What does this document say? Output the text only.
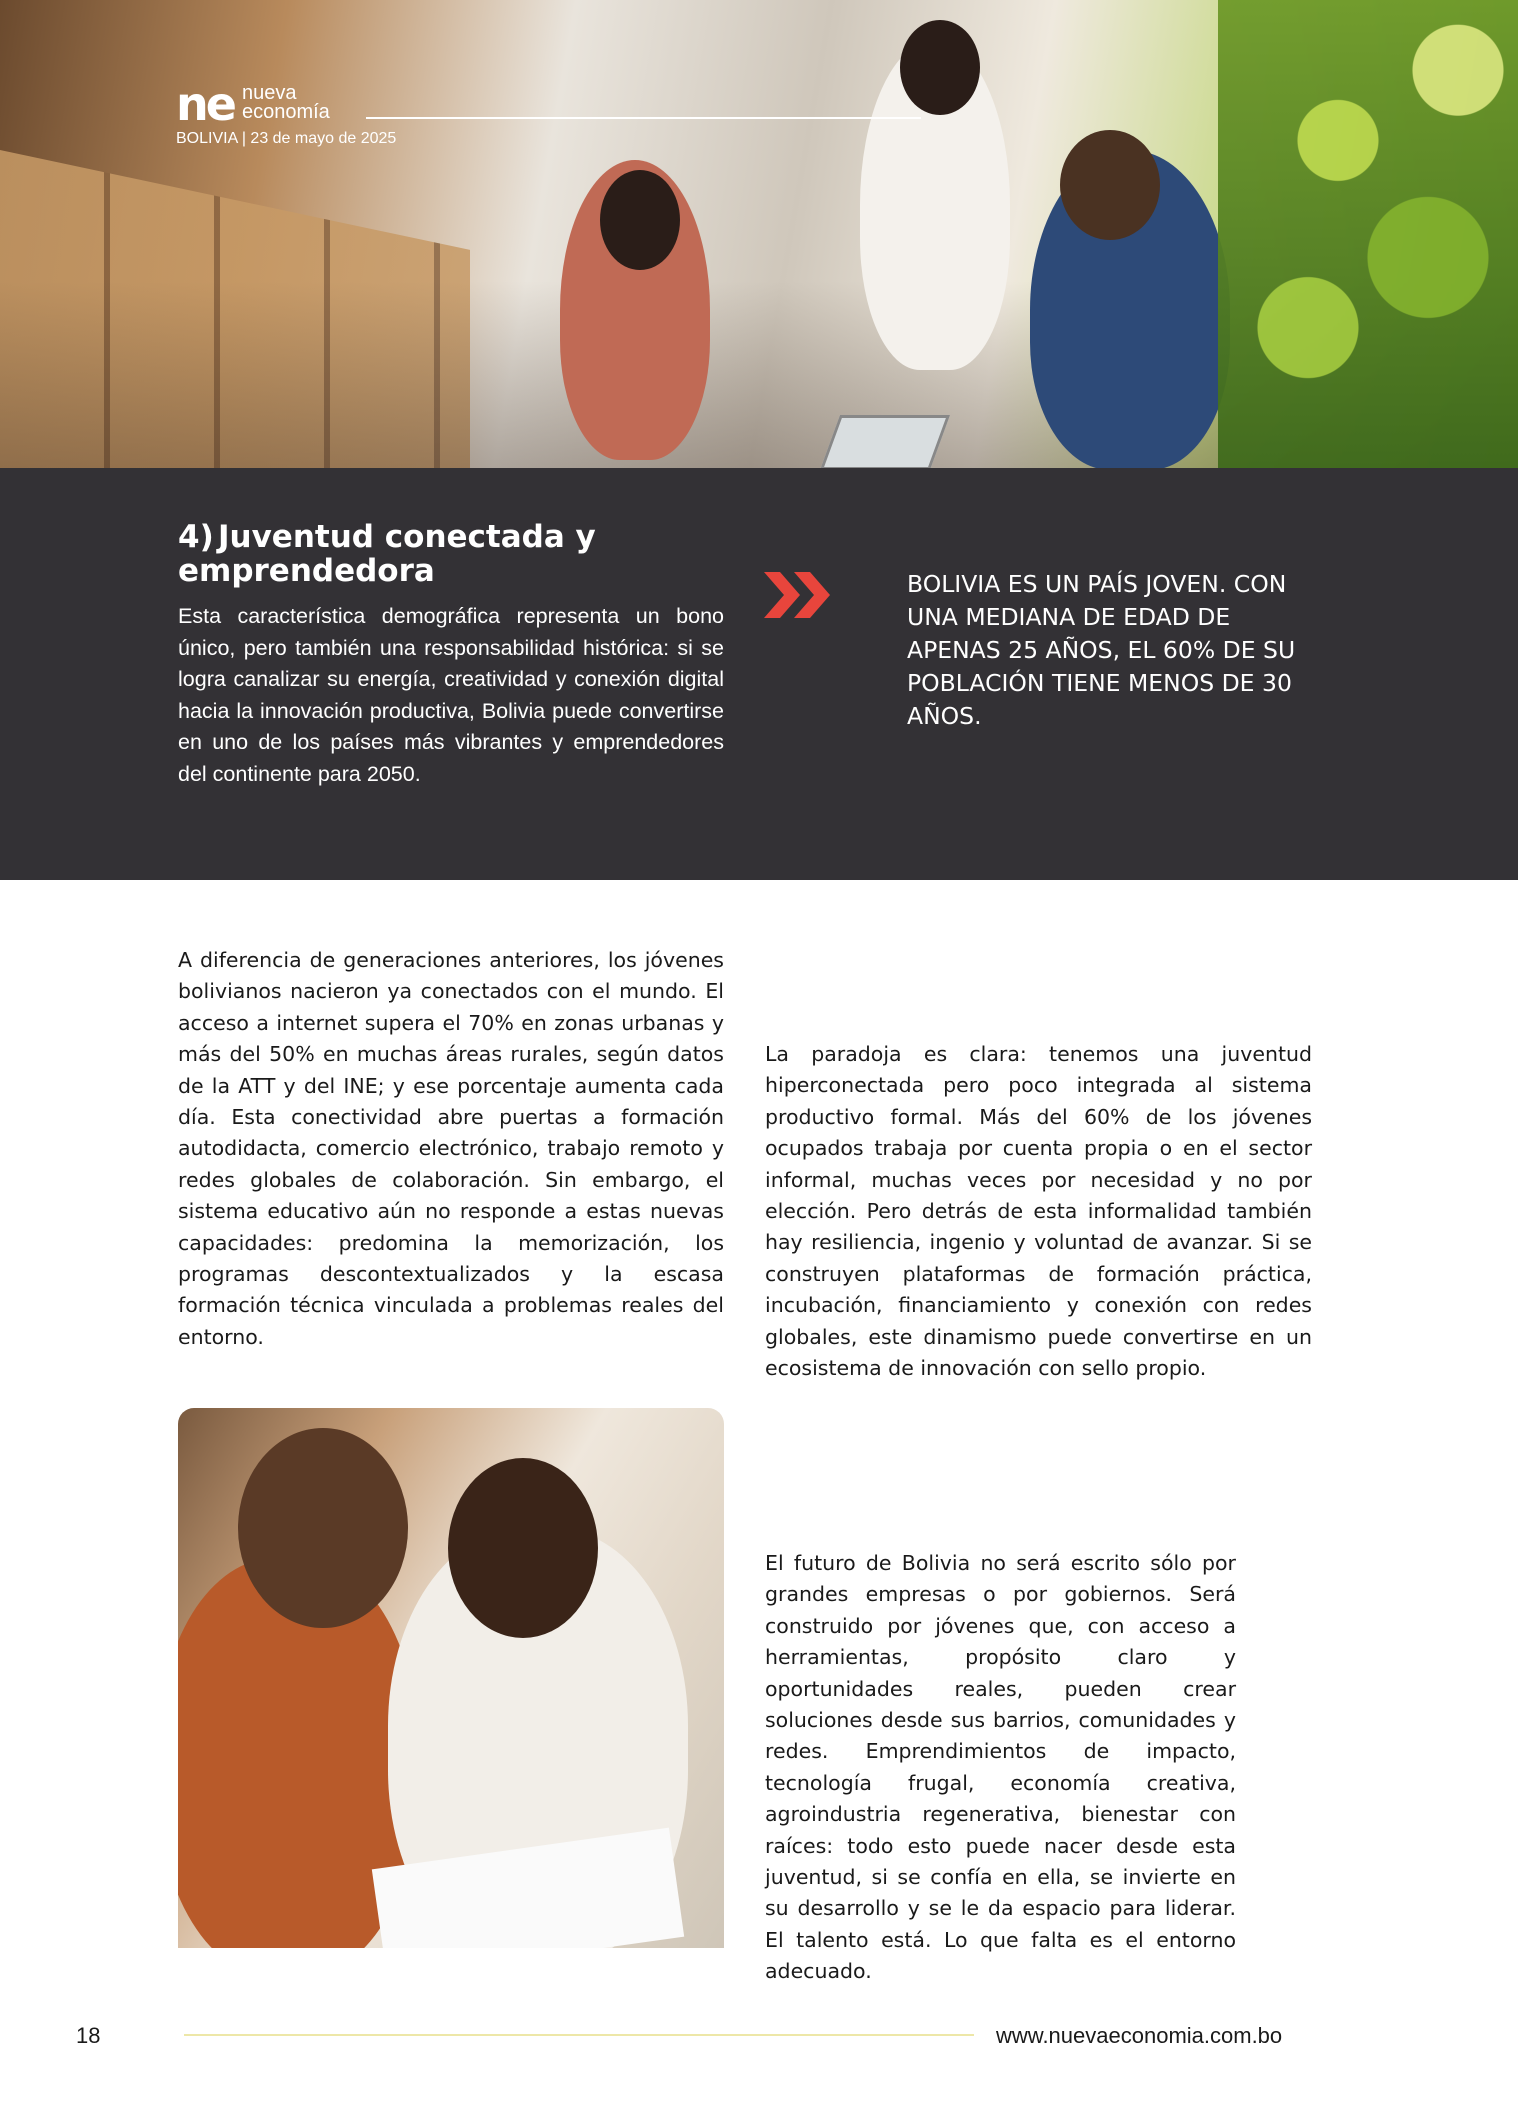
ne nueva
economía
BOLIVIA | 23 de mayo de 2025
4) Juventud conectada y emprendedora

Esta característica demográfica representa un bono único, pero también una responsabilidad histórica: si se logra canalizar su energía, creatividad y conexión digital hacia la innovación productiva, Bolivia puede convertirse en uno de los países más vibrantes y emprendedores del continente para 2050.

BOLIVIA ES UN PAÍS JOVEN. CON UNA MEDIANA DE EDAD DE APENAS 25 AÑOS, EL 60% DE SU POBLACIÓN TIENE MENOS DE 30 AÑOS.

A diferencia de generaciones anteriores, los jóvenes bolivianos nacieron ya conectados con el mundo. El acceso a internet supera el 70% en zonas urbanas y más del 50% en muchas áreas rurales, según datos de la ATT y del INE; y ese porcentaje aumenta cada día. Esta conectividad abre puertas a formación autodidacta, comercio electrónico, trabajo remoto y redes globales de colaboración. Sin embargo, el sistema educativo aún no responde a estas nuevas capacidades: predomina la memorización, los programas descontextualizados y la escasa formación técnica vinculada a problemas reales del entorno.

La paradoja es clara: tenemos una juventud hiperconectada pero poco integrada al sistema productivo formal. Más del 60% de los jóvenes ocupados trabaja por cuenta propia o en el sector informal, muchas veces por necesidad y no por elección. Pero detrás de esta informalidad también hay resiliencia, ingenio y voluntad de avanzar. Si se construyen plataformas de formación práctica, incubación, financiamiento y conexión con redes globales, este dinamismo puede convertirse en un ecosistema de innovación con sello propio.

El futuro de Bolivia no será escrito sólo por grandes empresas o por gobiernos. Será construido por jóvenes que, con acceso a herramientas, propósito claro y oportunidades reales, pueden crear soluciones desde sus barrios, comunidades y redes. Emprendimientos de impacto, tecnología frugal, economía creativa, agroindustria regenerativa, bienestar con raíces: todo esto puede nacer desde esta juventud, si se confía en ella, se invierte en su desarrollo y se le da espacio para liderar. El talento está. Lo que falta es el entorno adecuado.

18	www.nuevaeconomia.com.bo
